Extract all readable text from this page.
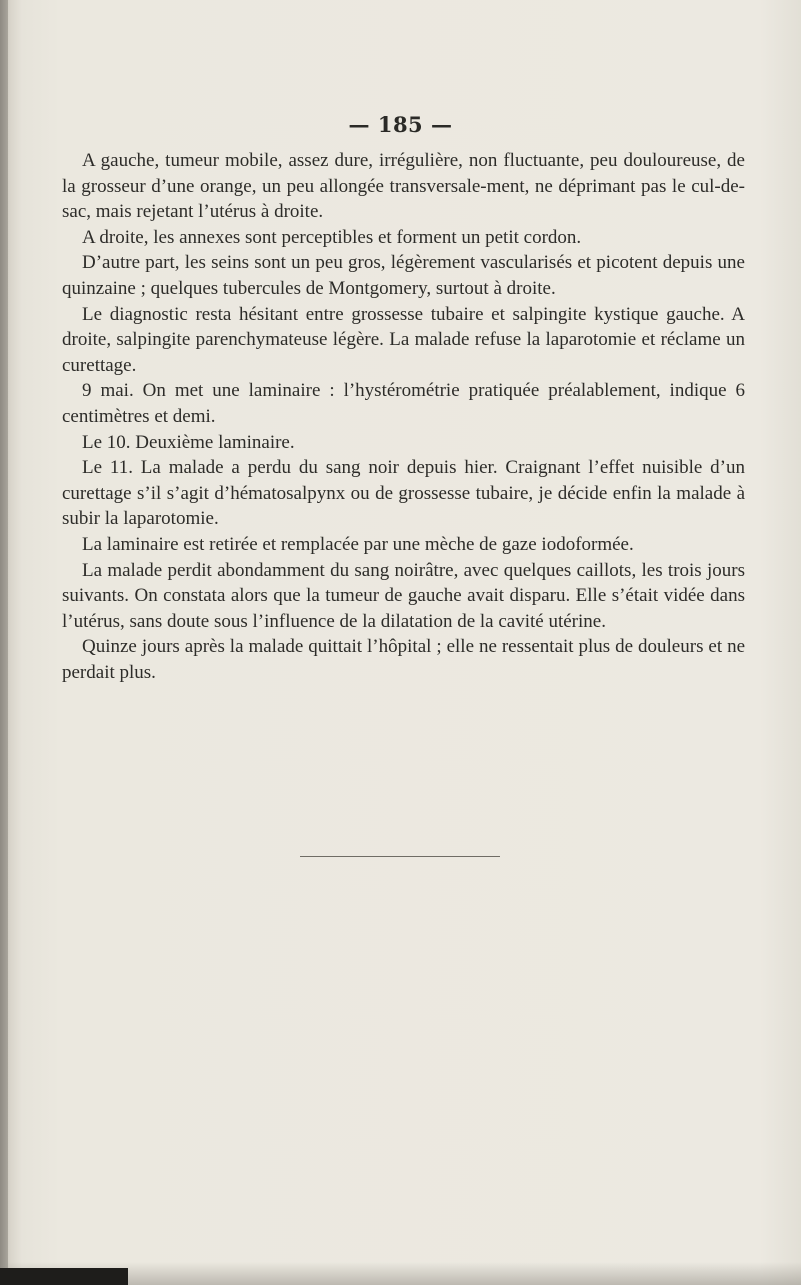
— 185 —

A gauche, tumeur mobile, assez dure, irrégulière, non fluctuante, peu douloureuse, de la grosseur d’une orange, un peu allongée transversale-ment, ne déprimant pas le cul-de-sac, mais rejetant l’utérus à droite.

A droite, les annexes sont perceptibles et forment un petit cordon.

D’autre part, les seins sont un peu gros, légèrement vascularisés et picotent depuis une quinzaine ; quelques tubercules de Montgomery, surtout à droite.

Le diagnostic resta hésitant entre grossesse tubaire et salpingite kystique gauche. A droite, salpingite parenchymateuse légère. La malade refuse la laparotomie et réclame un curettage.

9 mai. On met une laminaire : l’hystérométrie pratiquée préalablement, indique 6 centimètres et demi.

Le 10. Deuxième laminaire.

Le 11. La malade a perdu du sang noir depuis hier. Craignant l’effet nuisible d’un curettage s’il s’agit d’hématosalpynx ou de grossesse tubaire, je décide enfin la malade à subir la laparotomie.

La laminaire est retirée et remplacée par une mèche de gaze iodoformée.

La malade perdit abondamment du sang noirâtre, avec quelques caillots, les trois jours suivants. On constata alors que la tumeur de gauche avait disparu. Elle s’était vidée dans l’utérus, sans doute sous l’influence de la dilatation de la cavité utérine.

Quinze jours après la malade quittait l’hôpital ; elle ne ressentait plus de douleurs et ne perdait plus.
